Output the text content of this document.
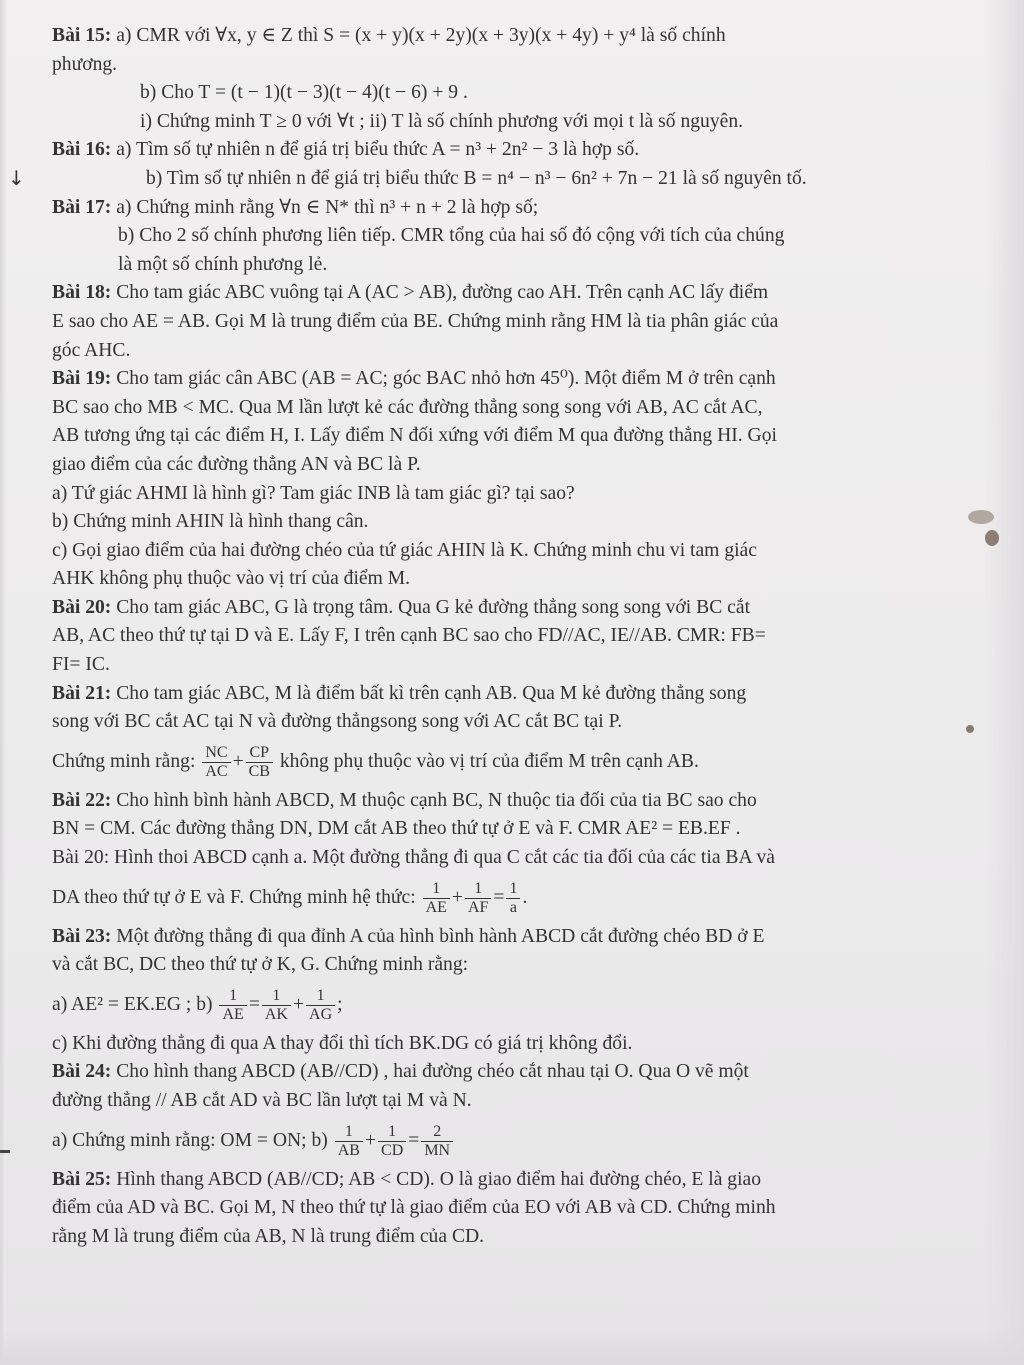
↓
Bài 15: a) CMR với ∀x, y ∈ Z thì S = (x + y)(x + 2y)(x + 3y)(x + 4y) + y⁴ là số chính
phương.
b) Cho T = (t − 1)(t − 3)(t − 4)(t − 6) + 9 .
i) Chứng minh T ≥ 0 với ∀t ; ii) T là số chính phương với mọi t là số nguyên.
Bài 16: a) Tìm số tự nhiên n để giá trị biểu thức A = n³ + 2n² − 3 là hợp số.
b) Tìm số tự nhiên n để giá trị biểu thức B = n⁴ − n³ − 6n² + 7n − 21 là số nguyên tố.
Bài 17: a) Chứng minh rằng ∀n ∈ N* thì n³ + n + 2 là hợp số;
b) Cho 2 số chính phương liên tiếp. CMR tổng của hai số đó cộng với tích của chúng
là một số chính phương lẻ.
Bài 18: Cho tam giác ABC vuông tại A (AC > AB), đường cao AH. Trên cạnh AC lấy điểm
E sao cho AE = AB. Gọi M là trung điểm của BE. Chứng minh rằng HM là tia phân giác của
góc AHC.
Bài 19: Cho tam giác cân ABC (AB = AC; góc BAC nhỏ hơn 45⁰). Một điểm M ở trên cạnh
BC sao cho MB < MC. Qua M lần lượt kẻ các đường thẳng song song với AB, AC cắt AC,
AB tương ứng tại các điểm H, I. Lấy điểm N đối xứng với điểm M qua đường thẳng HI. Gọi
giao điểm của các đường thẳng AN và BC là P.
a) Tứ giác AHMI là hình gì? Tam giác INB là tam giác gì? tại sao?
b) Chứng minh AHIN là hình thang cân.
c) Gọi giao điểm của hai đường chéo của tứ giác AHIN là K. Chứng minh chu vi tam giác
AHK không phụ thuộc vào vị trí của điểm M.
Bài 20: Cho tam giác ABC, G là trọng tâm. Qua G kẻ đường thẳng song song với BC cắt
AB, AC theo thứ tự tại D và E. Lấy F, I trên cạnh BC sao cho FD//AC, IE//AB. CMR: FB=
FI= IC.
Bài 21: Cho tam giác ABC, M là điểm bất kì trên cạnh AB. Qua M kẻ đường thẳng song
song với BC cắt AC tại N và đường thẳngsong song với AC cắt BC tại P.
Chứng minh rằng: $\frac{NC}{AC} + \frac{CP}{CB}$ không phụ thuộc vào vị trí của điểm M trên cạnh AB.
Bài 22: Cho hình bình hành ABCD, M thuộc cạnh BC, N thuộc tia đối của tia BC sao cho
BN = CM. Các đường thẳng DN, DM cắt AB theo thứ tự ở E và F. CMR AE² = EB.EF .
Bài 20: Hình thoi ABCD cạnh a. Một đường thẳng đi qua C cắt các tia đối của các tia BA và
DA theo thứ tự ở E và F. Chứng minh hệ thức: $\frac{1}{AE} + \frac{1}{AF} = \frac{1}{a}$ .
Bài 23: Một đường thẳng đi qua đỉnh A của hình bình hành ABCD cắt đường chéo BD ở E
và cắt BC, DC theo thứ tự ở K, G. Chứng minh rằng:
a) AE² = EK.EG ; $b) \frac{1}{AE} = \frac{1}{AK} + \frac{1}{AG}$ ;
c) Khi đường thẳng đi qua A thay đổi thì tích BK.DG có giá trị không đổi.
Bài 24: Cho hình thang ABCD (AB//CD) , hai đường chéo cắt nhau tại O. Qua O vẽ một
đường thẳng // AB cắt AD và BC lần lượt tại M và N.
a) Chứng minh rằng: OM = ON; $b) \frac{1}{AB} + \frac{1}{CD} = \frac{2}{MN}$
Bài 25: Hình thang ABCD (AB//CD; AB < CD). O là giao điểm hai đường chéo, E là giao
điểm của AD và BC. Gọi M, N theo thứ tự là giao điểm của EO với AB và CD. Chứng minh
rằng M là trung điểm của AB, N là trung điểm của CD.
